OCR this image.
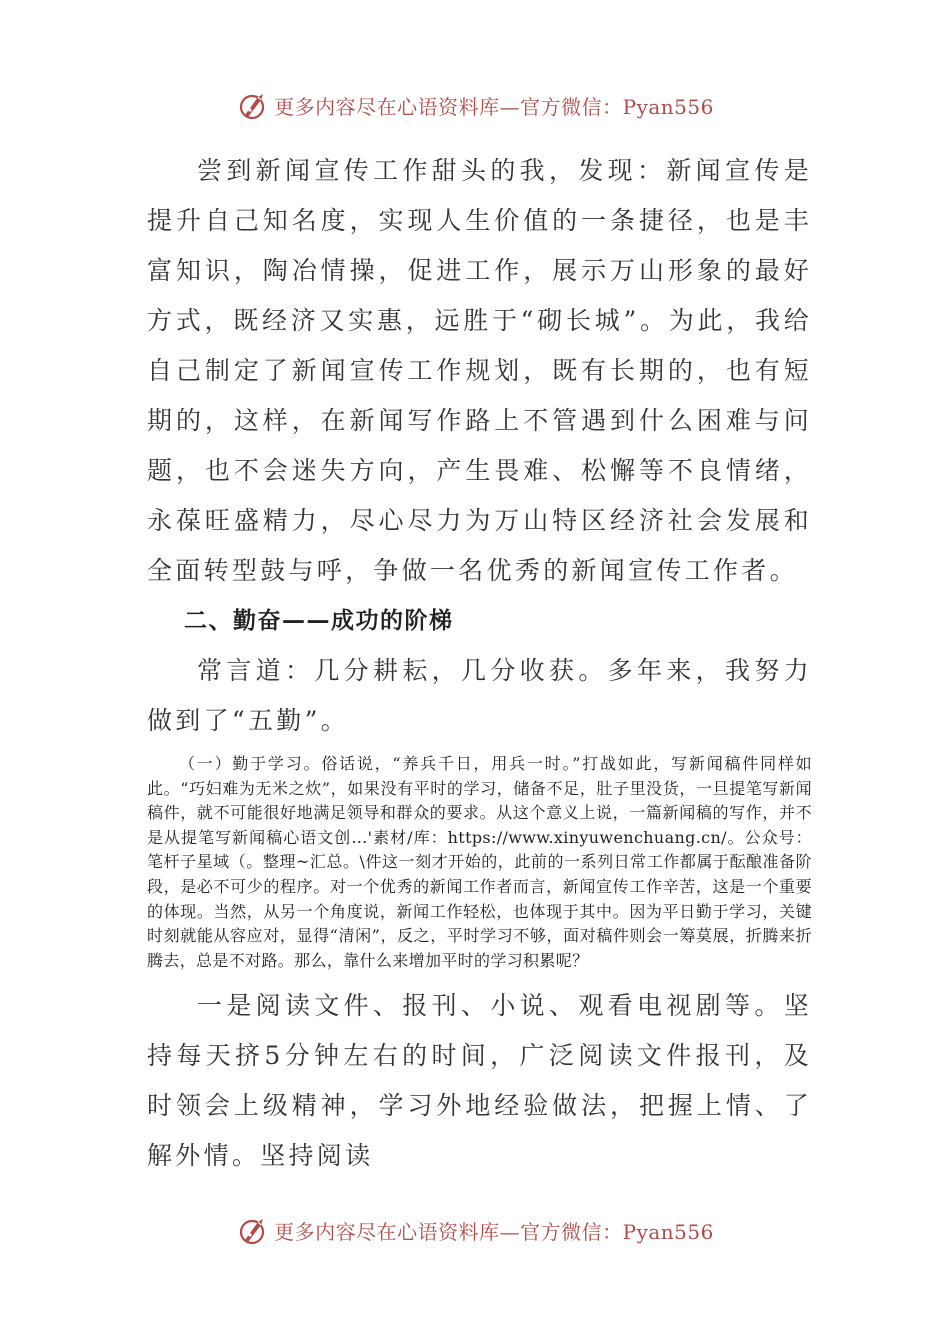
更多内容尽在心语资料库—官方微信：Pyan556

尝到新闻宣传工作甜头的我，发现：新闻宣传是提升自己知名度，实现人生价值的一条捷径，也是丰富知识，陶冶情操，促进工作，展示万山形象的最好方式，既经济又实惠，远胜于“砌长城”。为此，我给自己制定了新闻宣传工作规划，既有长期的，也有短期的，这样，在新闻写作路上不管遇到什么困难与问题，也不会迷失方向，产生畏难、松懈等不良情绪，永葆旺盛精力，尽心尽力为万山特区经济社会发展和全面转型鼓与呼，争做一名优秀的新闻宣传工作者。

二、勤奋——成功的阶梯

常言道：几分耕耘，几分收获。多年来，我努力做到了“五勤”。

（一）勤于学习。俗话说，“养兵千日，用兵一时。”打战如此，写新闻稿件同样如此。“巧妇难为无米之炊”，如果没有平时的学习，储备不足，肚子里没货，一旦提笔写新闻稿件，就不可能很好地满足领导和群众的要求。从这个意义上说，一篇新闻稿的写作，并不是从提笔写新闻稿心语文创…'素材/库：https://www.xinyuwenchuang.cn/。公众号：笔杆子星域（。整理~汇总。\件这一刻才开始的，此前的一系列日常工作都属于酝酿准备阶段，是必不可少的程序。对一个优秀的新闻工作者而言，新闻宣传工作辛苦，这是一个重要的体现。当然，从另一个角度说，新闻工作轻松，也体现于其中。因为平日勤于学习，关键时刻就能从容应对，显得“清闲”，反之，平时学习不够，面对稿件则会一筹莫展，折腾来折腾去，总是不对路。那么，靠什么来增加平时的学习积累呢？

一是阅读文件、报刊、小说、观看电视剧等。坚持每天挤5分钟左右的时间，广泛阅读文件报刊，及时领会上级精神，学习外地经验做法，把握上情、了解外情。坚持阅读

更多内容尽在心语资料库—官方微信：Pyan556
